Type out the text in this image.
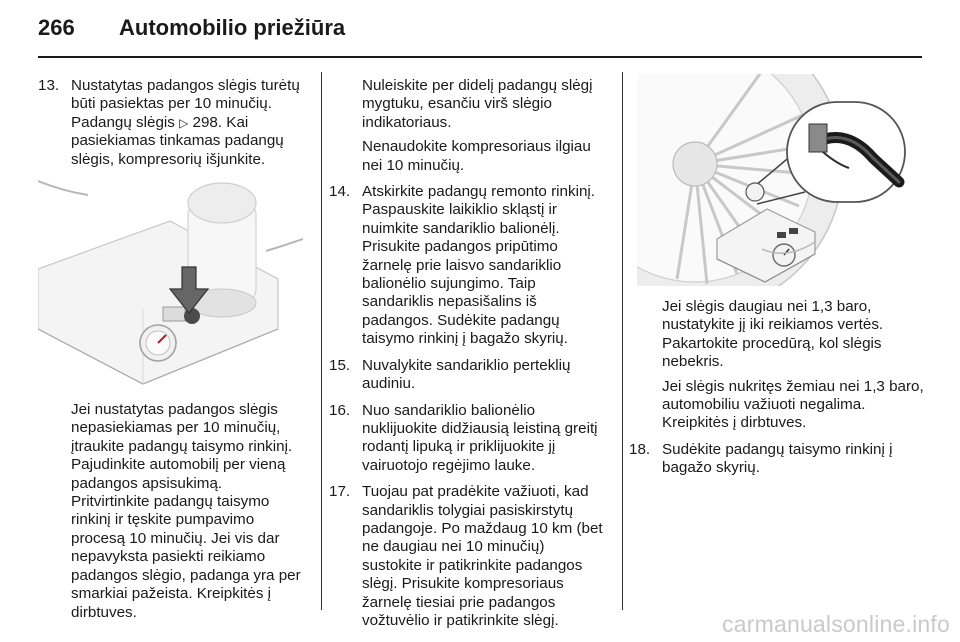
266 Automobilio priežiūra
13. Nustatytas padangos slėgis turėtų būti pasiektas per 10 minučių. Padangų slėgis ▷ 298. Kai pasiekiamas tinkamas padangų slėgis, kompresorių išjunkite.

Jei nustatytas padangos slėgis nepasiekiamas per 10 minučių, įtraukite padangų taisymo rinkinį. Pajudinkite automobilį per vieną padangos apsisukimą.

Pritvirtinkite padangų taisymo rinkinį ir tęskite pumpavimo procesą 10 minučių. Jei vis dar nepavyksta pasiekti reikiamo padangos slėgio, padanga yra per smarkiai pažeista. Kreipkitės į dirbtuves.

Nuleiskite per didelį padangų slėgį mygtuku, esančiu virš slėgio indikatoriaus.

Nenaudokite kompresoriaus ilgiau nei 10 minučių.

14. Atskirkite padangų remonto rinkinį. Paspauskite laikiklio skląstį ir nuimkite sandariklio balionėlį. Prisukite padangos pripūtimo žarnelę prie laisvo sandariklio balionėlio sujungimo. Taip sandariklis nepasišalins iš padangos. Sudėkite padangų taisymo rinkinį į bagažo skyrių.

15. Nuvalykite sandariklio perteklių audiniu.

16. Nuo sandariklio balionėlio nuklijuokite didžiausią leistiną greitį rodantį lipuką ir priklijuokite jį vairuotojo regėjimo lauke.

17. Tuojau pat pradėkite važiuoti, kad sandariklis tolygiai pasiskirstytų padangoje. Po maždaug 10 km (bet ne daugiau nei 10 minučių) sustokite ir patikrinkite padangos slėgį. Prisukite kompresoriaus žarnelę tiesiai prie padangos vožtuvėlio ir patikrinkite slėgį.

Jei slėgis daugiau nei 1,3 baro, nustatykite jį iki reikiamos vertės. Pakartokite procedūrą, kol slėgis nebekris.

Jei slėgis nukritęs žemiau nei 1,3 baro, automobiliu važiuoti negalima. Kreipkitės į dirbtuves.

18. Sudėkite padangų taisymo rinkinį į bagažo skyrių.

carmanualsonline.info
